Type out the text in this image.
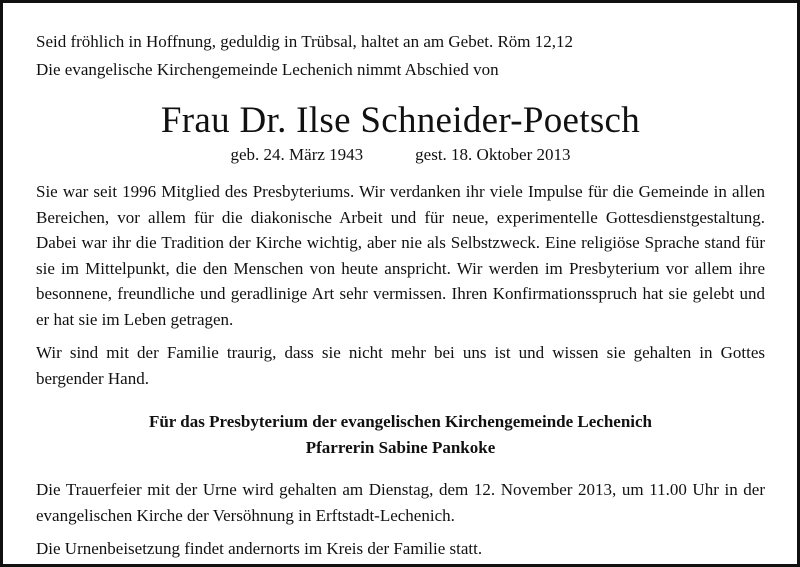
Seid fröhlich in Hoffnung, geduldig in Trübsal, haltet an am Gebet. Röm 12,12
Die evangelische Kirchengemeinde Lechenich nimmt Abschied von
Frau Dr. Ilse Schneider-Poetsch
geb. 24. März 1943	gest. 18. Oktober 2013

Sie war seit 1996 Mitglied des Presbyteriums. Wir verdanken ihr viele Impulse für die Gemeinde in allen Bereichen, vor allem für die diakonische Arbeit und für neue, experimentelle Gottesdienstgestaltung. Dabei war ihr die Tradition der Kirche wichtig, aber nie als Selbstzweck. Eine religiöse Sprache stand für sie im Mittelpunkt, die den Menschen von heute anspricht. Wir werden im Presbyterium vor allem ihre besonnene, freundliche und geradlinige Art sehr vermissen. Ihren Konfirmationsspruch hat sie gelebt und er hat sie im Leben getragen.

Wir sind mit der Familie traurig, dass sie nicht mehr bei uns ist und wissen sie gehalten in Gottes bergender Hand.

Für das Presbyterium der evangelischen Kirchengemeinde Lechenich
Pfarrerin Sabine Pankoke

Die Trauerfeier mit der Urne wird gehalten am Dienstag, dem 12. November 2013, um 11.00 Uhr in der evangelischen Kirche der Versöhnung in Erftstadt-Lechenich.

Die Urnenbeisetzung findet andernorts im Kreis der Familie statt.
